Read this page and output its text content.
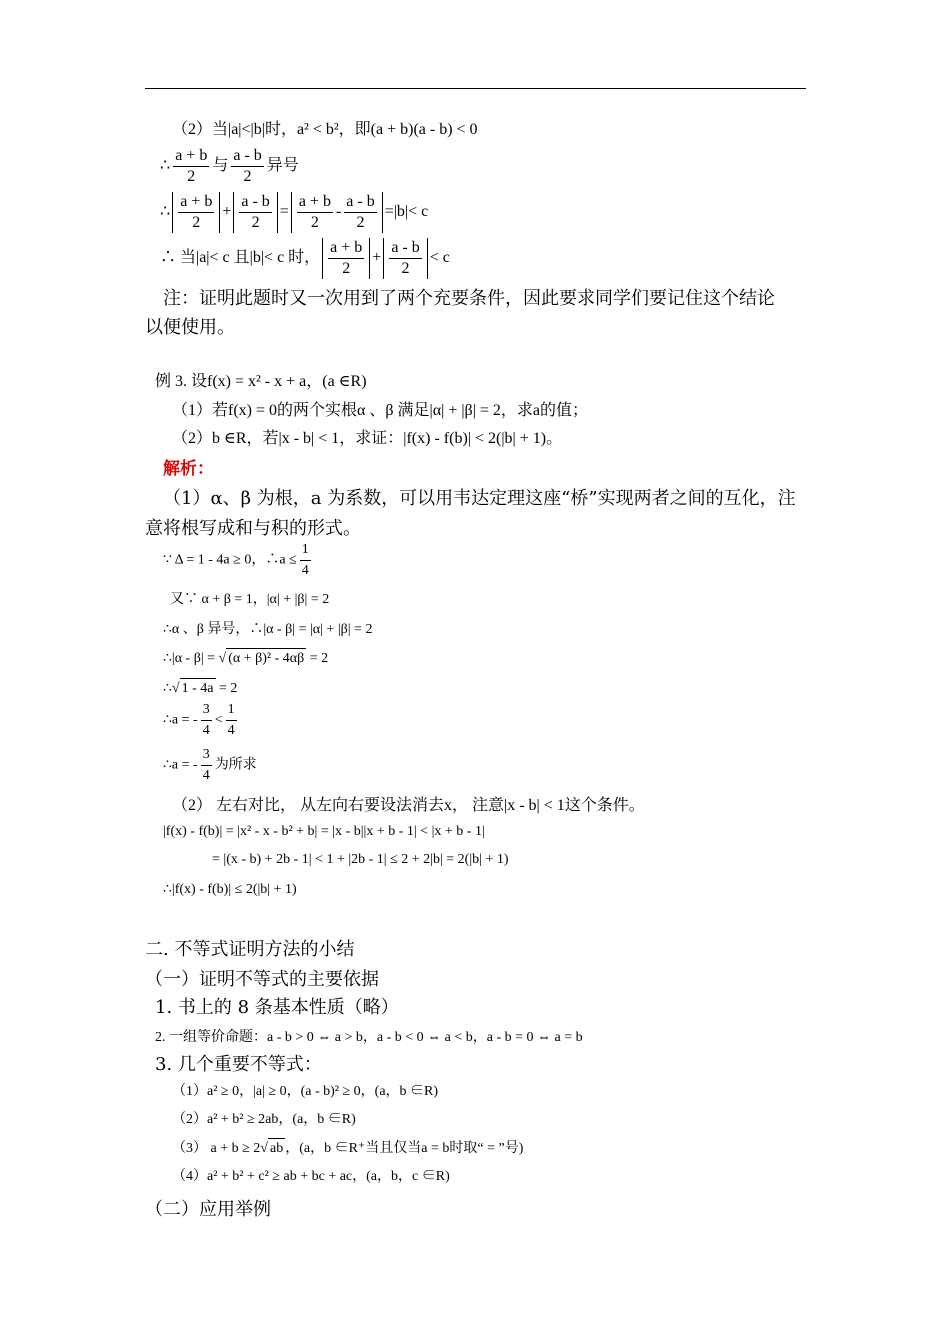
（2）当|a|<|b|时，a² < b²，即(a + b)(a - b) < 0
∴ $\frac{a + b}{2}$ 与 $\frac{a - b}{2}$ 异号
∴ $\frac{a + b}{2} + \frac{a - b}{2} = \frac{a + b}{2} - \frac{a - b}{2} =|b|< c$
∴ 当|a|< c 且|b|< c 时， $\frac{a + b}{2} + \frac{a - b}{2} < c$
注：证明此题时又一次用到了两个充要条件，因此要求同学们要记住这个结论
以便使用。
例 3. 设f(x) = x² - x + a，(a ∈R)
（1）若f(x) = 0的两个实根α 、β 满足|α| + |β| = 2，求a的值；
（2）b ∈R，若|x - b| < 1，求证：|f(x) - f(b)| < 2(|b| + 1)。
解析：
（1）α、β 为根，a 为系数，可以用韦达定理这座“桥”实现两者之间的互化，注
意将根写成和与积的形式。
∵ Δ = 1 - 4a ≥ 0，∴a ≤ $\frac{1}{4}$
又∵ α + β = 1，|α| + |β| = 2
∴α 、β 异号，∴|α - β| = |α| + |β| = 2
∴|α - β| = √ (α + β)² - 4αβ = 2
∴√ 1 - 4a = 2
∴a = - $\frac{3}{4} < \frac{1}{4}$
∴a = - $\frac{3}{4}$ 为所求
（2） 左右对比， 从左向右要设法消去x， 注意|x - b| < 1这个条件。
|f(x) - f(b)| = |x² - x - b² + b| = |x - b||x + b - 1| < |x + b - 1|
= |(x - b) + 2b - 1| < 1 + |2b - 1| ≤ 2 + 2|b| = 2(|b| + 1)
∴|f(x) - f(b)| ≤ 2(|b| + 1)
二. 不等式证明方法的小结
（一）证明不等式的主要依据
1. 书上的 8 条基本性质（略）
2. 一组等价命题：a - b > 0 ⇔ a > b，a - b < 0 ⇔ a < b，a - b = 0 ⇔ a = b
3. 几个重要不等式：
（1）a² ≥ 0，|a| ≥ 0，(a - b)² ≥ 0，(a，b ∈R)
（2）a² + b² ≥ 2ab，(a，b ∈R)
（3） a + b ≥ 2√ ab ，(a，b ∈R⁺当且仅当a = b时取“ = ”号)
（4）a² + b² + c² ≥ ab + bc + ac，(a，b，c ∈R)
（二）应用举例
